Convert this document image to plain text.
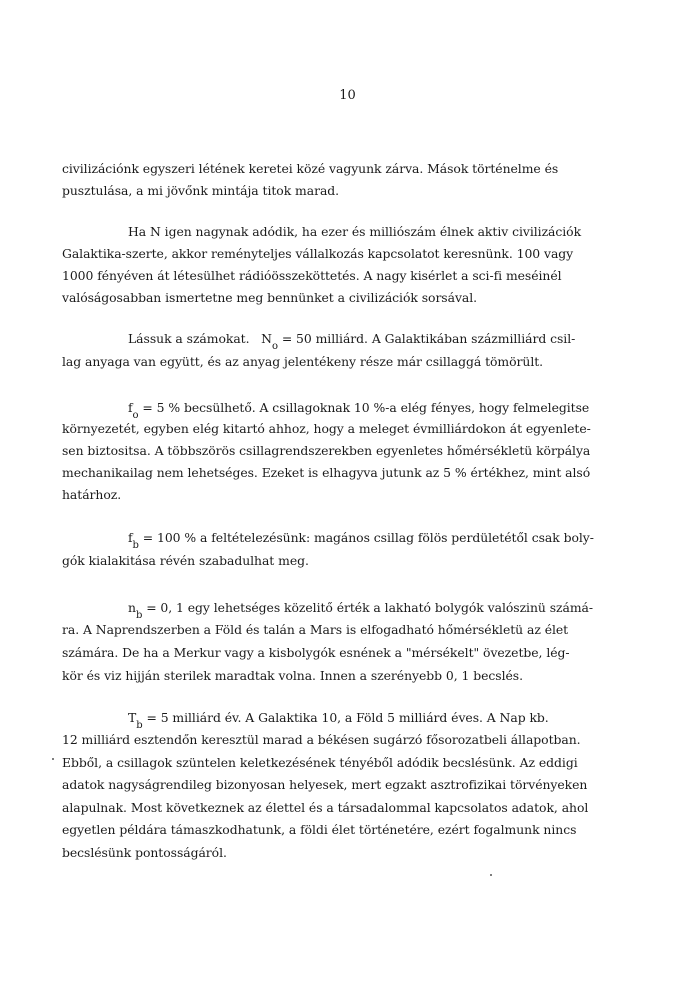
10
civilizációnk egyszeri létének keretei közé vagyunk zárva. Mások történelme és
pusztulása, a mi jövőnk mintája titok marad.
Ha N igen nagynak adódik, ha ezer és milliószám élnek aktiv civilizációk
Galaktika-szerte, akkor reményteljes vállalkozás kapcsolatot keresnünk. 100 vagy
1000 fényéven át létesülhet rádióösszeköttetés. A nagy kisérlet a sci-fi meséinél
valóságosabban ismertetne meg bennünket a civilizációk sorsával.
Lássuk a számokat. $N_o = 50$ milliárd. A Galaktikában százmilliárd csil-
lag anyaga van együtt, és az anyag jelentékeny része már csillaggá tömörült.
$f_o = 5$ % becsülhető. A csillagoknak 10 %-a elég fényes, hogy felmelegitse
környezetét, egyben elég kitartó ahhoz, hogy a meleget évmilliárdokon át egyenlete-
sen biztositsa. A többszörös csillagrendszerekben egyenletes hőmérsékletü körpálya
mechanikailag nem lehetséges. Ezeket is elhagyva jutunk az 5 % értékhez, mint alsó
határhoz.
$f_b = 100$ % a feltételezésünk: magános csillag fölös perdületétől csak boly-
gók kialakitása révén szabadulhat meg.
$n_b = 0$, 1 egy lehetséges közelitő érték a lakható bolygók valószinü számá-
ra. A Naprendszerben a Föld és talán a Mars is elfogadható hőmérsékletü az élet
számára. De ha a Merkur vagy a kisbolygók esnének a "mérsékelt" övezetbe, lég-
kör és viz hijján sterilek maradtak volna. Innen a szerényebb 0, 1 becslés.
$T_b = 5$ milliárd év. A Galaktika 10, a Föld 5 milliárd éves. A Nap kb.
12 milliárd esztendőn keresztül marad a békésen sugárzó fősorozatbeli állapotban.
Ebből, a csillagok szüntelen keletkezésének tényéből adódik becslésünk. Az eddigi
adatok nagyságrendileg bizonyosan helyesek, mert egzakt asztrofizikai törvényeken
alapulnak. Most következnek az élettel és a társadalommal kapcsolatos adatok, ahol
egyetlen példára támaszkodhatunk, a földi élet történetére, ezért fogalmunk nincs
becslésünk pontosságáról.
